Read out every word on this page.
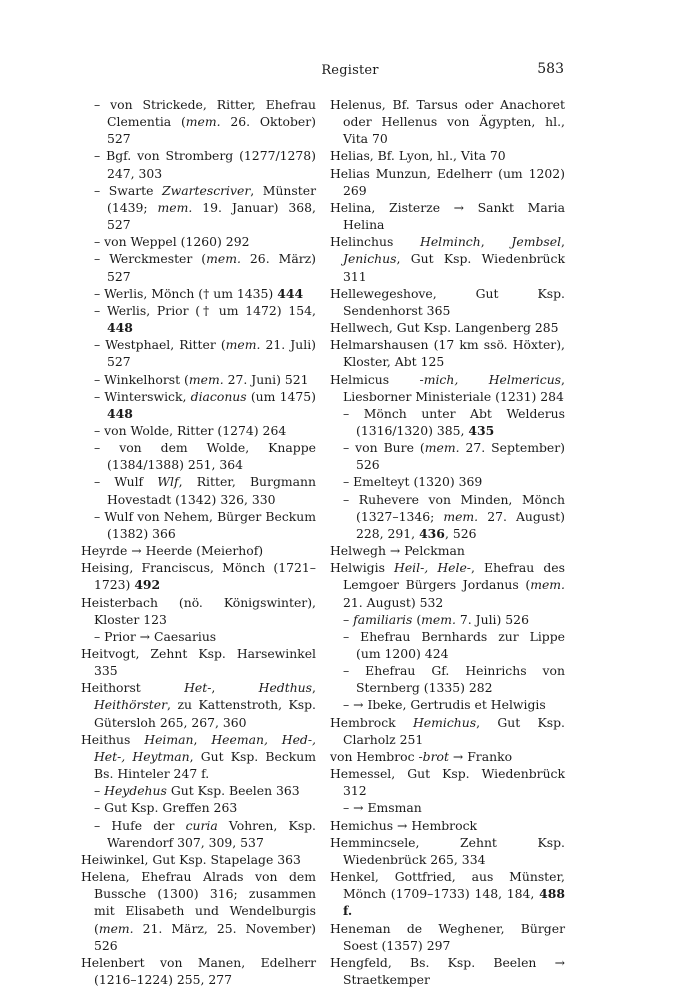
Register	583

– von Strickede, Ritter, Ehefrau Clementia (mem. 26. Oktober) 527

– Bgf. von Stromberg (1277/1278) 247, 303

– Swarte Zwartescriver, Münster (1439; mem. 19. Januar) 368, 527

– von Weppel (1260) 292

– Werckmester (mem. 26. März) 527

– Werlis, Mönch († um 1435) 444

– Werlis, Prior († um 1472) 154, 448

– Westphael, Ritter (mem. 21. Juli) 527

– Winkelhorst (mem. 27. Juni) 521

– Winterswick, diaconus (um 1475) 448

– von Wolde, Ritter (1274) 264

– von dem Wolde, Knappe (1384/1388) 251, 364

– Wulf Wlf, Ritter, Burgmann Hovestadt (1342) 326, 330

– Wulf von Nehem, Bürger Beckum (1382) 366

Heyrde → Heerde (Meierhof)

Heising, Franciscus, Mönch (1721–1723) 492

Heisterbach (nö. Königswinter), Kloster 123

– Prior → Caesarius

Heitvogt, Zehnt Ksp. Harsewinkel 335

Heithorst Het-, Hedthus, Heithörster, zu Kattenstroth, Ksp. Gütersloh 265, 267, 360

Heithus Heiman, Heeman, Hed-, Het-, Heytman, Gut Ksp. Beckum Bs. Hinteler 247 f.

– Heydehus Gut Ksp. Beelen 363

– Gut Ksp. Greffen 263

– Hufe der curia Vohren, Ksp. Warendorf 307, 309, 537

Heiwinkel, Gut Ksp. Stapelage 363

Helena, Ehefrau Alrads von dem Bussche (1300) 316; zusammen mit Elisabeth und Wendelburgis (mem. 21. März, 25. November) 526

Helenbert von Manen, Edelherr (1216–1224) 255, 277

Helenus, Bf. Tarsus oder Anachoret oder Hellenus von Ägypten, hl., Vita 70

Helias, Bf. Lyon, hl., Vita 70

Helias Munzun, Edelherr (um 1202) 269

Helina, Zisterze → Sankt Maria Helina

Helinchus Helminch, Jembsel, Jenichus, Gut Ksp. Wiedenbrück 311

Hellewegeshove, Gut Ksp. Sendenhorst 365

Hellwech, Gut Ksp. Langenberg 285

Helmarshausen (17 km ssö. Höxter), Kloster, Abt 125

Helmicus -mich, Helmericus, Liesborner Ministeriale (1231) 284

– Mönch unter Abt Welderus (1316/1320) 385, 435

– von Bure (mem. 27. September) 526

– Emelteyt (1320) 369

– Ruhevere von Minden, Mönch (1327–1346; mem. 27. August) 228, 291, 436, 526

Helwegh → Pelckman

Helwigis Heil-, Hele-, Ehefrau des Lemgoer Bürgers Jordanus (mem. 21. August) 532

– familiaris (mem. 7. Juli) 526

– Ehefrau Bernhards zur Lippe (um 1200) 424

– Ehefrau Gf. Heinrichs von Sternberg (1335) 282

– → Ibeke, Gertrudis et Helwigis

Hembrock Hemichus, Gut Ksp. Clarholz 251

von Hembroc -brot → Franko

Hemessel, Gut Ksp. Wiedenbrück 312

– → Emsman

Hemichus → Hembrock

Hemmincsele, Zehnt Ksp. Wiedenbrück 265, 334

Henkel, Gottfried, aus Münster, Mönch (1709–1733) 148, 184, 488 f.

Heneman de Weghener, Bürger Soest (1357) 297

Hengfeld, Bs. Ksp. Beelen → Straetkemper
